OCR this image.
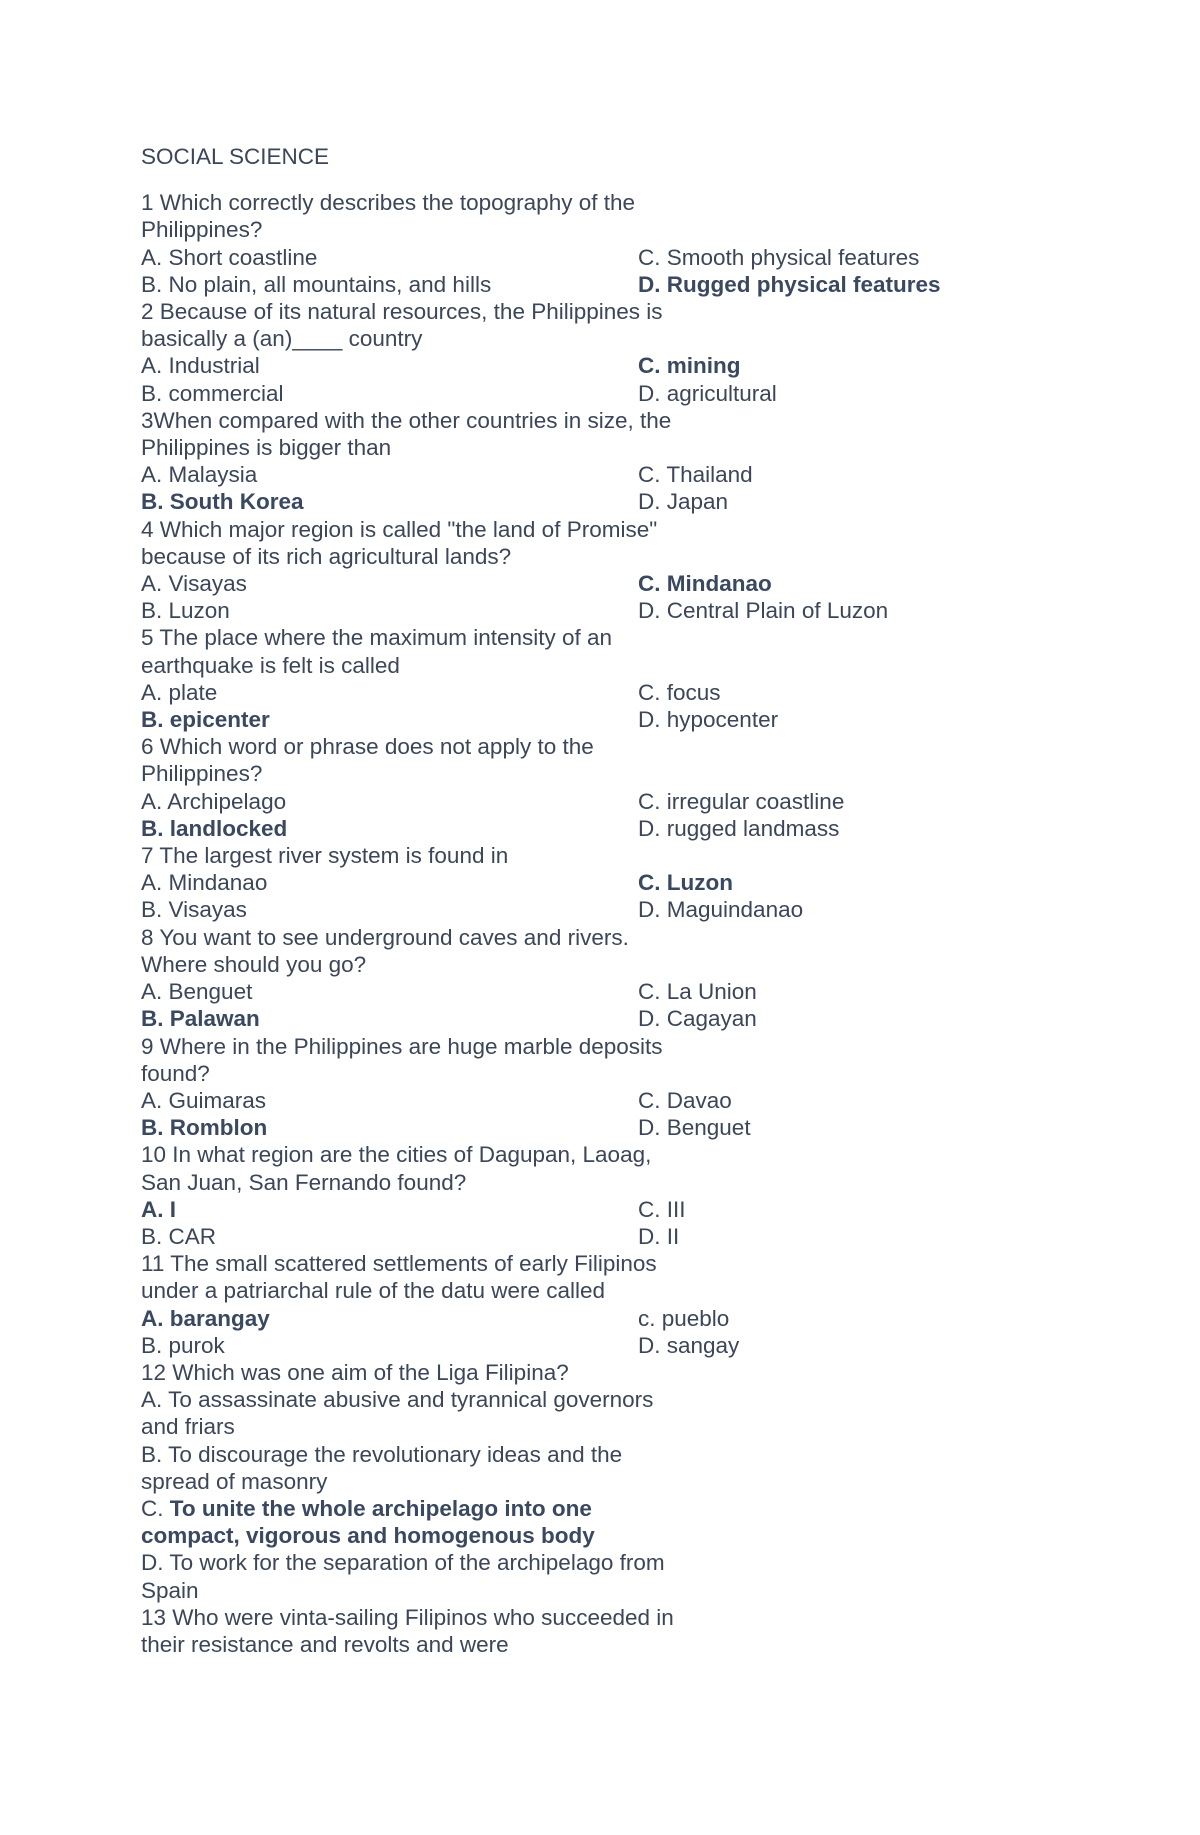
SOCIAL SCIENCE
1 Which correctly describes the topography of the Philippines?
A. Short coastline	C. Smooth physical features
B. No plain, all mountains, and hills	D. Rugged physical features
2 Because of its natural resources, the Philippines is basically a (an)____ country
A. Industrial	C. mining
B. commercial	D. agricultural
3When compared with the other countries in size, the Philippines is bigger than
A. Malaysia	C. Thailand
B. South Korea	D. Japan
4 Which major region is called "the land of Promise" because of its rich agricultural lands?
A. Visayas	C. Mindanao
B. Luzon	D. Central Plain of Luzon
5 The place where the maximum intensity of an earthquake is felt is called
A. plate	C. focus
B. epicenter	D. hypocenter
6 Which word or phrase does not apply to the Philippines?
A. Archipelago	C. irregular coastline
B. landlocked	D. rugged landmass
7 The largest river system is found in
A. Mindanao	C. Luzon
B. Visayas	D. Maguindanao
8 You want to see underground caves and rivers. Where should you go?
A. Benguet	C. La Union
B. Palawan	D. Cagayan
9 Where in the Philippines are huge marble deposits found?
A. Guimaras	C. Davao
B. Romblon	D. Benguet
10 In what region are the cities of Dagupan, Laoag, San Juan, San Fernando found?
A. I	C. III
B. CAR	D. II
11 The small scattered settlements of early Filipinos under a patriarchal rule of the datu were called
A. barangay	c. pueblo
B. purok	D. sangay
12 Which was one aim of the Liga Filipina?
A. To assassinate abusive and tyrannical governors and friars
B. To discourage the revolutionary ideas and the spread of masonry
C. To unite the whole archipelago into one compact, vigorous and homogenous body
D. To work for the separation of the archipelago from Spain
13 Who were vinta-sailing Filipinos who succeeded in their resistance and revolts and were
